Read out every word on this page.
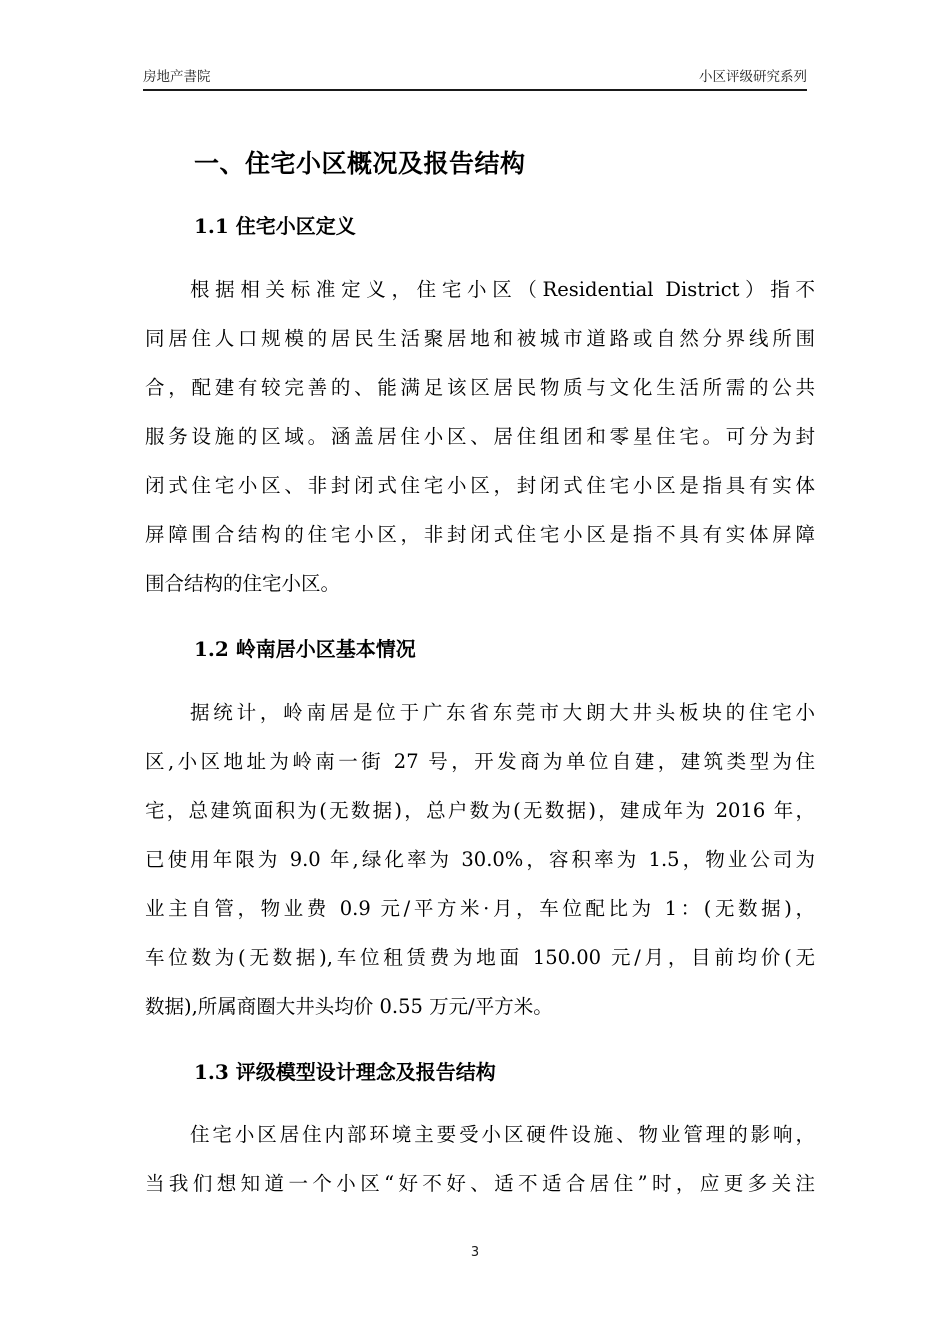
房地产書院	小区评级研究系列
一、住宅小区概况及报告结构
1.1 住宅小区定义
根据相关标准定义，住宅小区（Residential District）指不
同居住人口规模的居民生活聚居地和被城市道路或自然分界线所围
合，配建有较完善的、能满足该区居民物质与文化生活所需的公共
服务设施的区域。涵盖居住小区、居住组团和零星住宅。可分为封
闭式住宅小区、非封闭式住宅小区，封闭式住宅小区是指具有实体
屏障围合结构的住宅小区，非封闭式住宅小区是指不具有实体屏障
围合结构的住宅小区。
1.2 岭南居小区基本情况
据统计，岭南居是位于广东省东莞市大朗大井头板块的住宅小
区,小区地址为岭南一街 27 号，开发商为单位自建，建筑类型为住
宅，总建筑面积为(无数据)，总户数为(无数据)，建成年为 2016 年，
已使用年限为 9.0 年,绿化率为 30.0%，容积率为 1.5，物业公司为
业主自管，物业费 0.9 元/平方米·月，车位配比为 1：(无数据)，
车位数为(无数据),车位租赁费为地面 150.00 元/月，目前均价(无
数据),所属商圈大井头均价 0.55 万元/平方米。
1.3 评级模型设计理念及报告结构
住宅小区居住内部环境主要受小区硬件设施、物业管理的影响，
当我们想知道一个小区“好不好、适不适合居住”时，应更多关注
3
